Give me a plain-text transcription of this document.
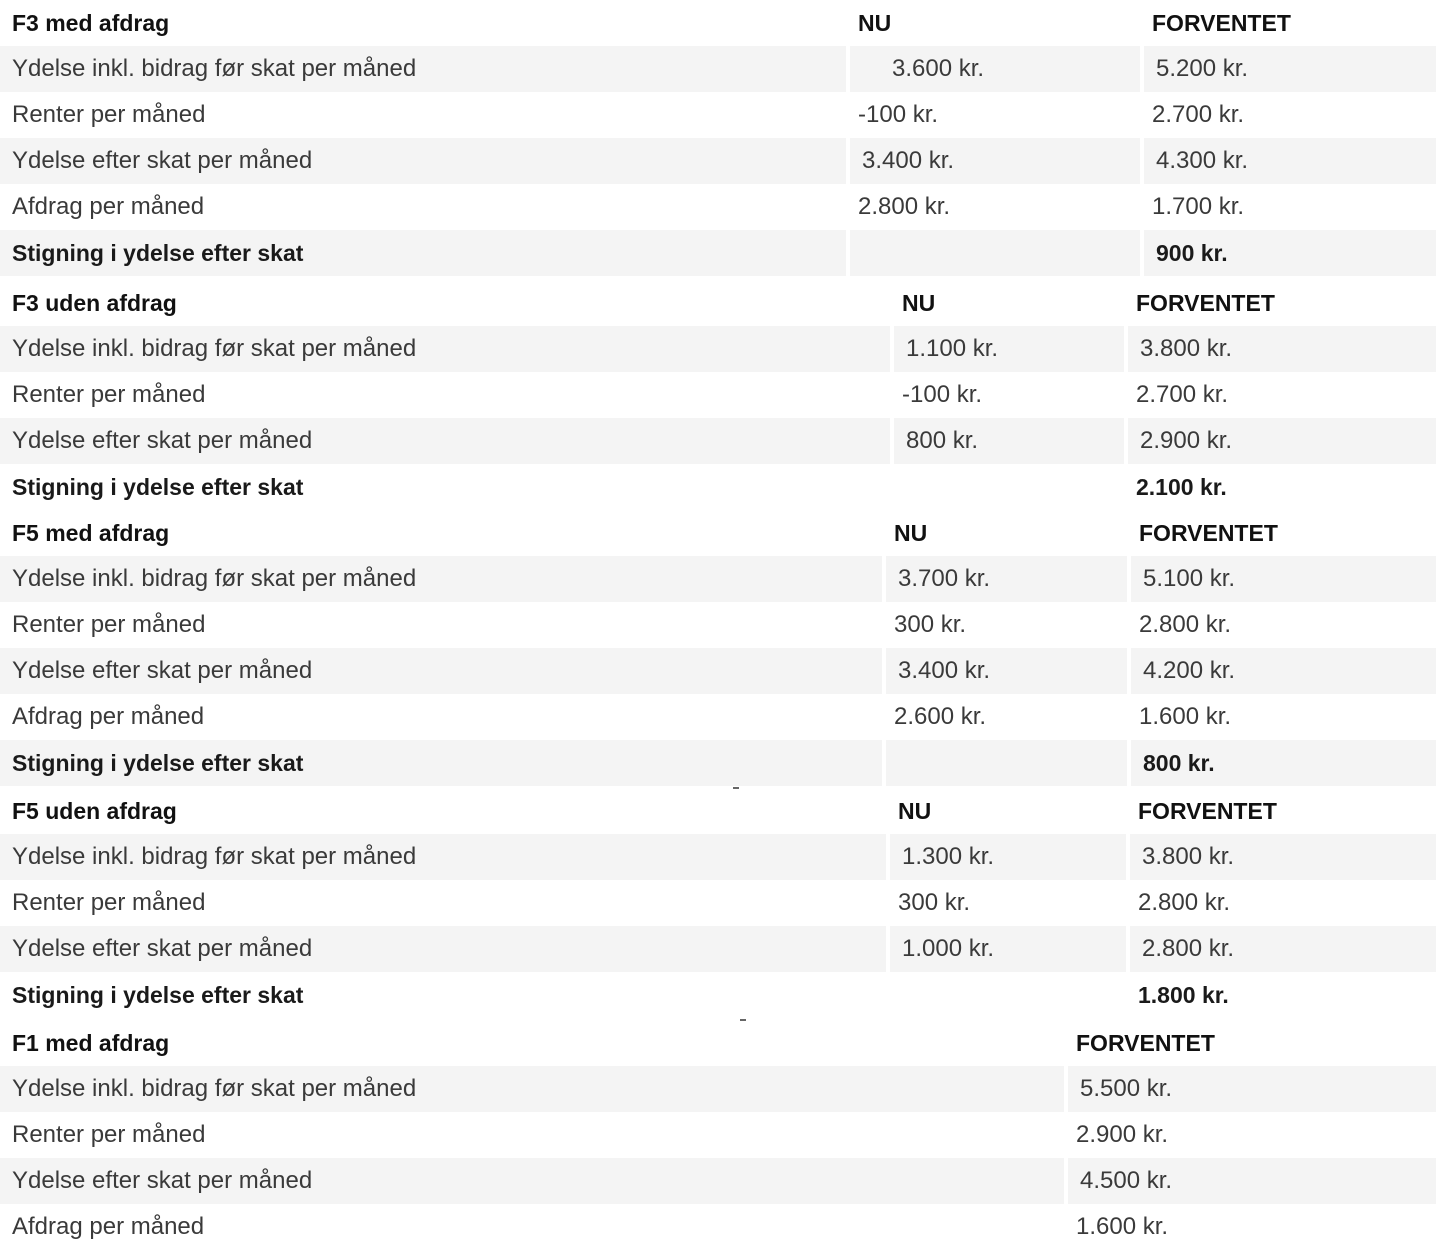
F3 med afdrag	NU	FORVENTET
Ydelse inkl. bidrag før skat per måned	3.600 kr.	5.200 kr.
Renter per måned	-100 kr.	2.700 kr.
Ydelse efter skat per måned	3.400 kr.	4.300 kr.
Afdrag per måned	2.800 kr.	1.700 kr.
Stigning i ydelse efter skat		900 kr.
F3 uden afdrag	NU	FORVENTET
Ydelse inkl. bidrag før skat per måned	1.100 kr.	3.800 kr.
Renter per måned	-100 kr.	2.700 kr.
Ydelse efter skat per måned	800 kr.	2.900 kr.
Stigning i ydelse efter skat		2.100 kr.
F5 med afdrag	NU	FORVENTET
Ydelse inkl. bidrag før skat per måned	3.700 kr.	5.100 kr.
Renter per måned	300 kr.	2.800 kr.
Ydelse efter skat per måned	3.400 kr.	4.200 kr.
Afdrag per måned	2.600 kr.	1.600 kr.
Stigning i ydelse efter skat		800 kr.
F5 uden afdrag	NU	FORVENTET
Ydelse inkl. bidrag før skat per måned	1.300 kr.	3.800 kr.
Renter per måned	300 kr.	2.800 kr.
Ydelse efter skat per måned	1.000 kr.	2.800 kr.
Stigning i ydelse efter skat		1.800 kr.
F1 med afdrag	FORVENTET
Ydelse inkl. bidrag før skat per måned	5.500 kr.
Renter per måned	2.900 kr.
Ydelse efter skat per måned	4.500 kr.
Afdrag per måned	1.600 kr.
